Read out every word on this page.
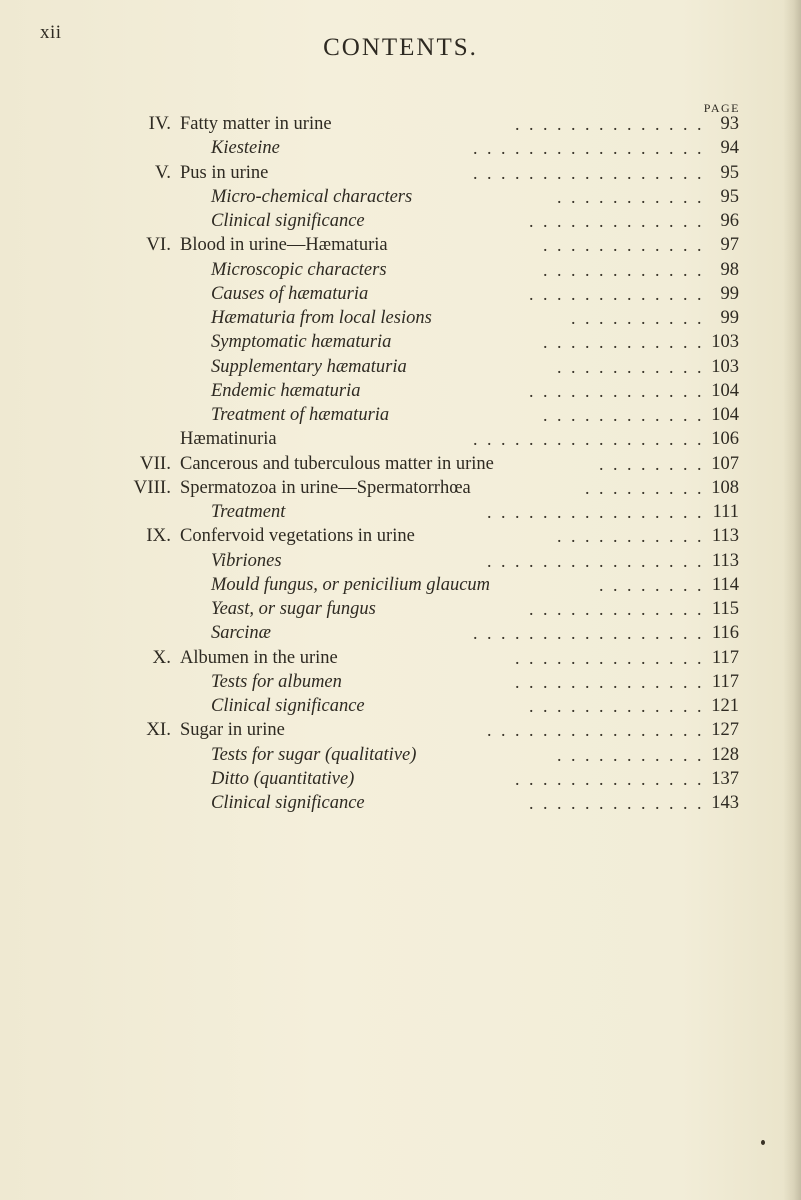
xii
CONTENTS.
PAGE
IV. Fatty matter in urine	.............. 93
Kiesteine	................. 94
V. Pus in urine	................. 95
Micro-chemical characters	........... 95
Clinical significance	............. 96
VI. Blood in urine—Hæmaturia	............ 97
Microscopic characters	............ 98
Causes of hæmaturia	............. 99
Hæmaturia from local lesions	.......... 99
Symptomatic hæmaturia	............ 103
Supplementary hæmaturia	........... 103
Endemic hæmaturia	............. 104
Treatment of hæmaturia	............ 104
Hæmatinuria	................. 106
VII. Cancerous and tuberculous matter in urine	........ 107
VIII. Spermatozoa in urine—Spermatorrhœa	......... 108
Treatment	................ 111
IX. Confervoid vegetations in urine	........... 113
Vibriones	................ 113
Mould fungus, or penicilium glaucum	........ 114
Yeast, or sugar fungus	............. 115
Sarcinæ	................. 116
X. Albumen in the urine	.............. 117
Tests for albumen	.............. 117
Clinical significance	............. 121
XI. Sugar in urine	................ 127
Tests for sugar (qualitative)	........... 128
Ditto (quantitative)	.............. 137
Clinical significance	............. 143
